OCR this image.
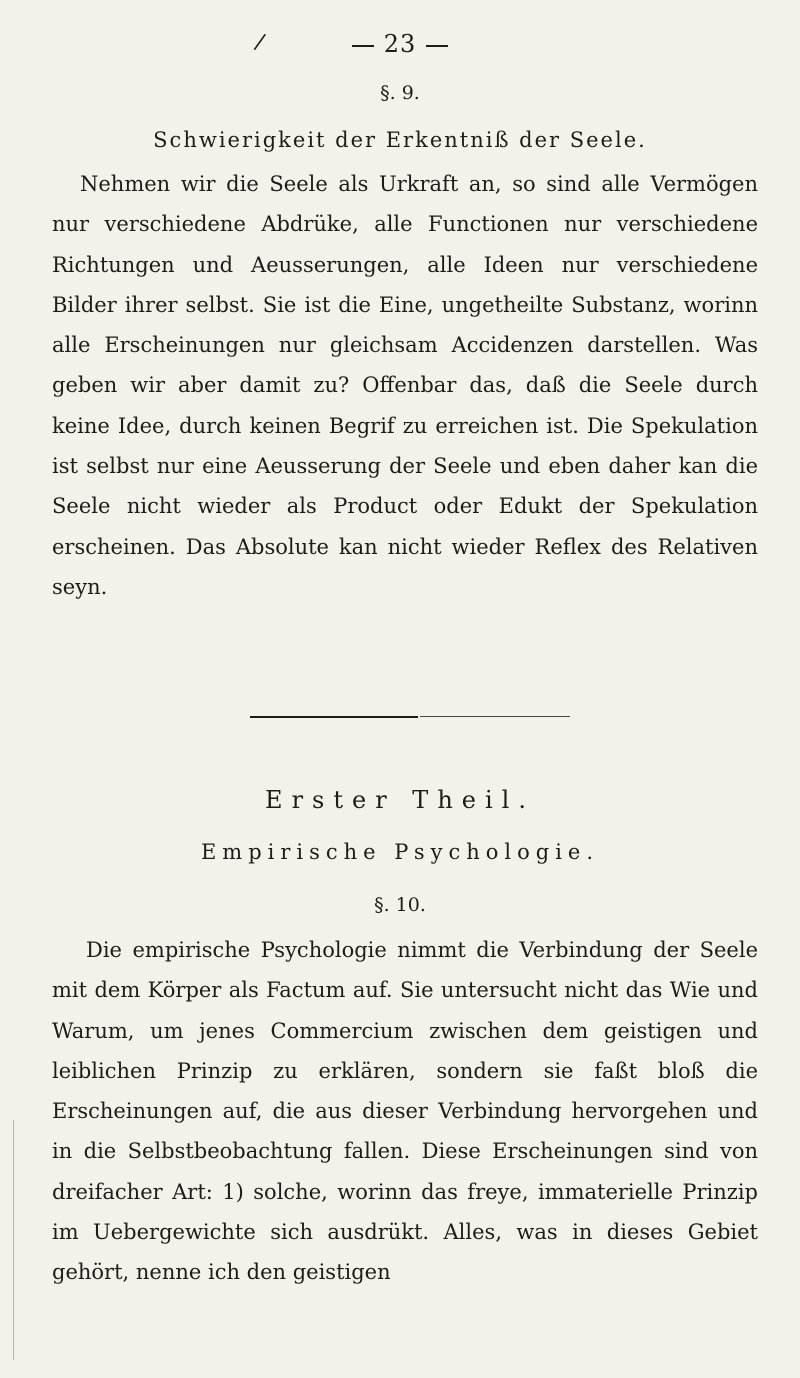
/	23
§. 9.
Schwierigkeit der Erkentniß der Seele.
Nehmen wir die Seele als Urkraft an, so sind alle Vermögen nur verschiedene Abdrüke, alle Functionen nur verschiedene Richtungen und Aeusserungen, alle Ideen nur verschiedene Bilder ihrer selbst. Sie ist die Eine, ungetheilte Substanz, worinn alle Erscheinungen nur gleichsam Accidenzen darstellen. Was geben wir aber damit zu? Offenbar das, daß die Seele durch keine Idee, durch keinen Begrif zu erreichen ist. Die Spekulation ist selbst nur eine Aeusserung der Seele und eben daher kan die Seele nicht wieder als Product oder Edukt der Spekulation erscheinen. Das Absolute kan nicht wieder Reflex des Relativen seyn.
Erster Theil.
Empirische Psychologie.
§. 10.
Die empirische Psychologie nimmt die Verbindung der Seele mit dem Körper als Factum auf. Sie untersucht nicht das Wie und Warum, um jenes Commercium zwischen dem geistigen und leiblichen Prinzip zu erklären, sondern sie faßt bloß die Erscheinungen auf, die aus dieser Verbindung hervorgehen und in die Selbstbeobachtung fallen. Diese Erscheinungen sind von dreifacher Art: 1) solche, worinn das freye, immaterielle Prinzip im Uebergewichte sich ausdrükt. Alles, was in dieses Gebiet gehört, nenne ich den geistigen
